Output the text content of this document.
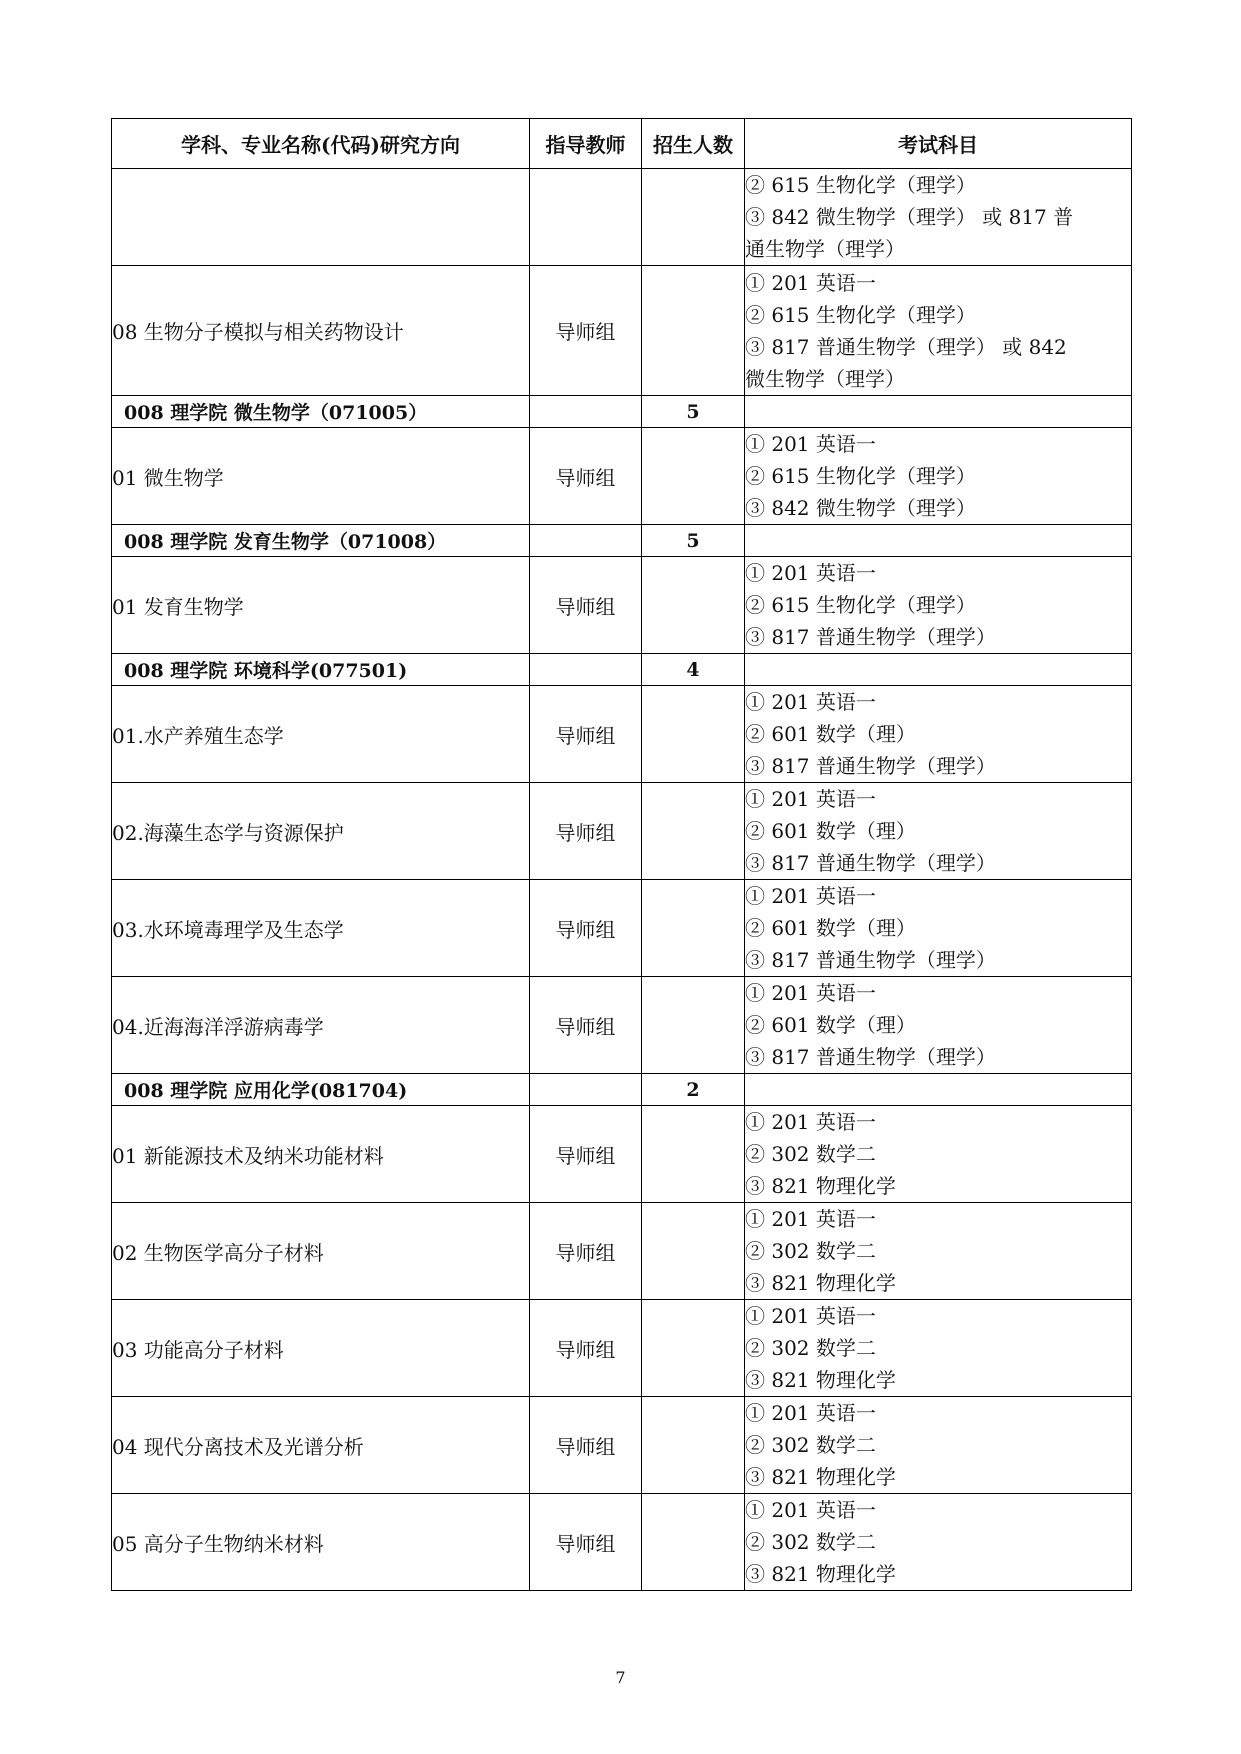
学科、专业名称(代码)研究方向	指导教师	招生人数	考试科目

			② 615 生物化学（理学）
③ 842 微生物学（理学） 或 817 普
通生物学（理学）

08 生物分子模拟与相关药物设计	导师组		① 201 英语一
② 615 生物化学（理学）
③ 817 普通生物学（理学） 或 842
微生物学（理学）

008 理学院 微生物学（071005）		5	
01 微生物学	导师组		① 201 英语一
② 615 生物化学（理学）
③ 842 微生物学（理学）

008 理学院 发育生物学（071008）		5	
01 发育生物学	导师组		① 201 英语一
② 615 生物化学（理学）
③ 817 普通生物学（理学）

008 理学院 环境科学(077501)		4	
01.水产养殖生态学	导师组		① 201 英语一
② 601 数学（理）
③ 817 普通生物学（理学）

02.海藻生态学与资源保护	导师组		① 201 英语一
② 601 数学（理）
③ 817 普通生物学（理学）

03.水环境毒理学及生态学	导师组		① 201 英语一
② 601 数学（理）
③ 817 普通生物学（理学）

04.近海海洋浮游病毒学	导师组		① 201 英语一
② 601 数学（理）
③ 817 普通生物学（理学）

008 理学院 应用化学(081704)		2	
01 新能源技术及纳米功能材料	导师组		① 201 英语一
② 302 数学二
③ 821 物理化学

02 生物医学高分子材料	导师组		① 201 英语一
② 302 数学二
③ 821 物理化学

03 功能高分子材料	导师组		① 201 英语一
② 302 数学二
③ 821 物理化学

04 现代分离技术及光谱分析	导师组		① 201 英语一
② 302 数学二
③ 821 物理化学

05 高分子生物纳米材料	导师组		① 201 英语一
② 302 数学二
③ 821 物理化学
7
